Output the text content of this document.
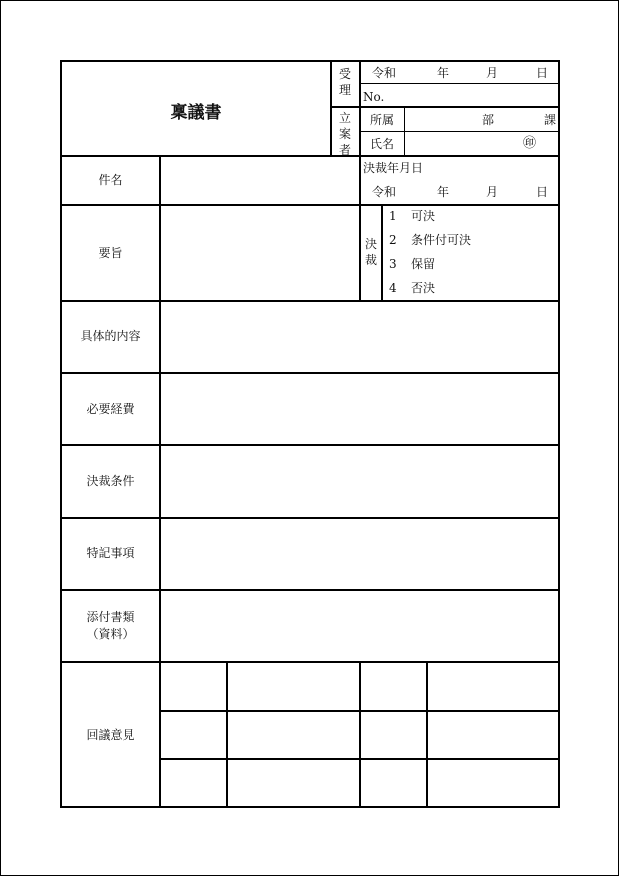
稟議書
受理
令和	年	月	日
No.
立案者
所属	部	課
氏名	㊞
件名
決裁年月日
令和	年	月	日
要旨
決裁
1 可決
2 条件付可決
3 保留
4 否決
具体的内容
必要経費
決裁条件
特記事項
添付書類
（資料）
回議意見
